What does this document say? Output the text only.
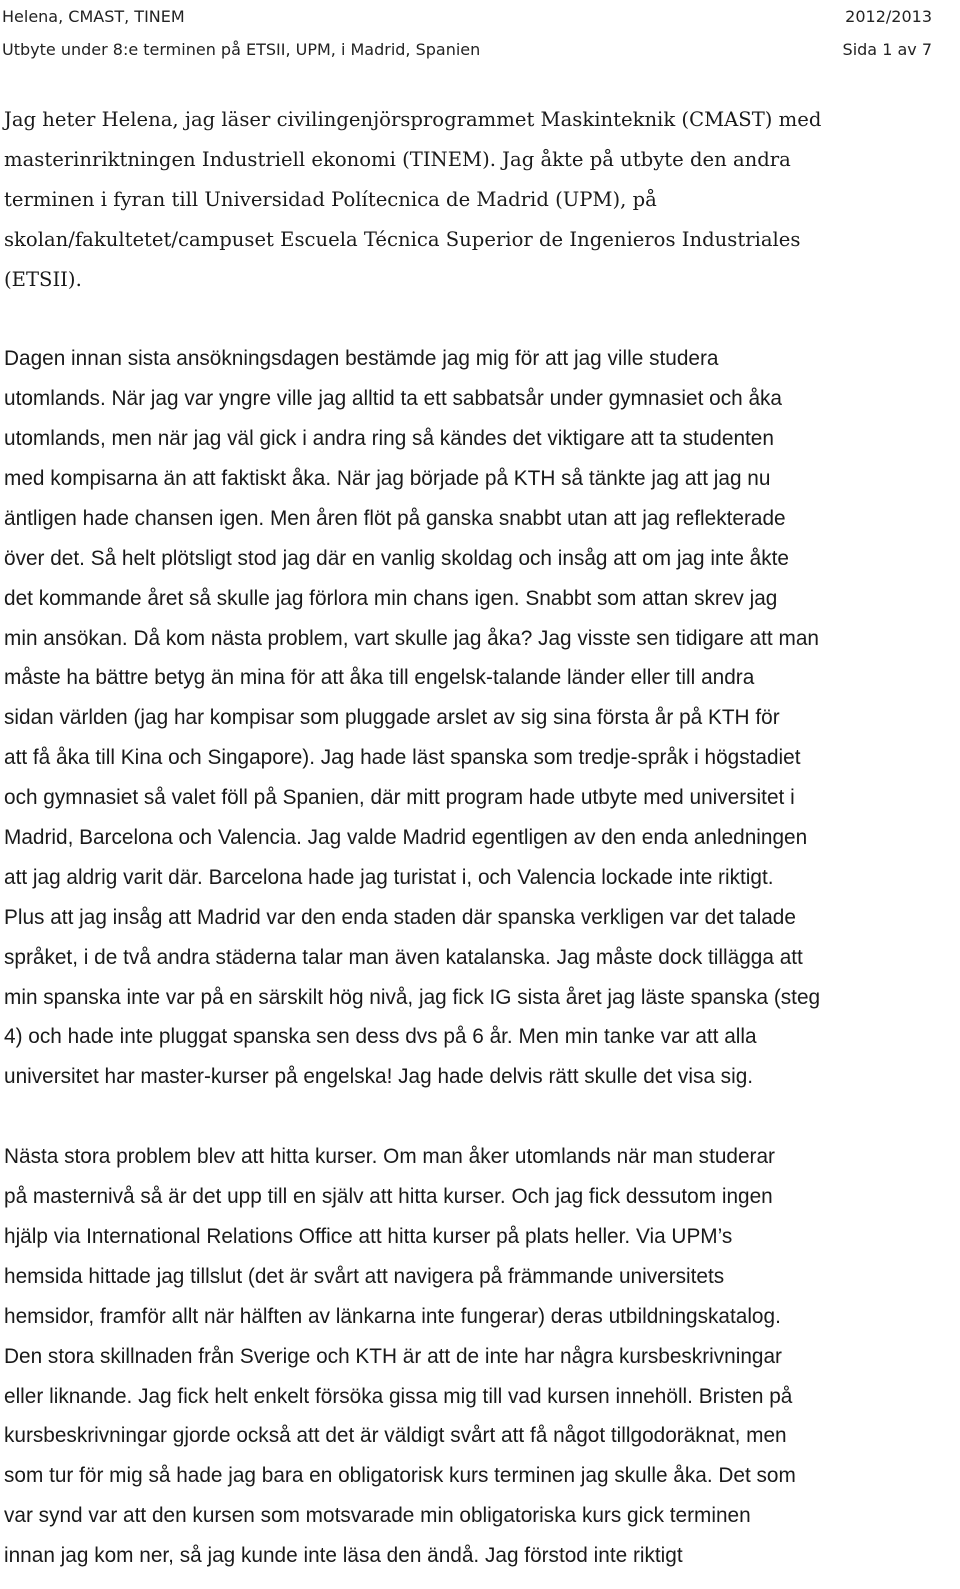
Helena, CMAST, TINEM	2012/2013
Utbyte under 8:e terminen på ETSII, UPM, i Madrid, Spanien	Sida 1 av 7

Jag heter Helena, jag läser civilingenjörsprogrammet Maskinteknik (CMAST) med
masterinriktningen Industriell ekonomi (TINEM). Jag åkte på utbyte den andra
terminen i fyran till Universidad Polítecnica de Madrid (UPM), på
skolan/fakultetet/campuset Escuela Técnica Superior de Ingenieros Industriales
(ETSII).

Dagen innan sista ansökningsdagen bestämde jag mig för att jag ville studera
utomlands. När jag var yngre ville jag alltid ta ett sabbatsår under gymnasiet och åka
utomlands, men när jag väl gick i andra ring så kändes det viktigare att ta studenten
med kompisarna än att faktiskt åka. När jag började på KTH så tänkte jag att jag nu
äntligen hade chansen igen. Men åren flöt på ganska snabbt utan att jag reflekterade
över det. Så helt plötsligt stod jag där en vanlig skoldag och insåg att om jag inte åkte
det kommande året så skulle jag förlora min chans igen. Snabbt som attan skrev jag
min ansökan. Då kom nästa problem, vart skulle jag åka? Jag visste sen tidigare att man
måste ha bättre betyg än mina för att åka till engelsk-talande länder eller till andra
sidan världen (jag har kompisar som pluggade arslet av sig sina första år på KTH för
att få åka till Kina och Singapore). Jag hade läst spanska som tredje-språk i högstadiet
och gymnasiet så valet föll på Spanien, där mitt program hade utbyte med universitet i
Madrid, Barcelona och Valencia. Jag valde Madrid egentligen av den enda anledningen
att jag aldrig varit där. Barcelona hade jag turistat i, och Valencia lockade inte riktigt.
Plus att jag insåg att Madrid var den enda staden där spanska verkligen var det talade
språket, i de två andra städerna talar man även katalanska. Jag måste dock tillägga att
min spanska inte var på en särskilt hög nivå, jag fick IG sista året jag läste spanska (steg
4) och hade inte pluggat spanska sen dess dvs på 6 år. Men min tanke var att alla
universitet har master-kurser på engelska! Jag hade delvis rätt skulle det visa sig.

Nästa stora problem blev att hitta kurser. Om man åker utomlands när man studerar
på masternivå så är det upp till en själv att hitta kurser. Och jag fick dessutom ingen
hjälp via International Relations Office att hitta kurser på plats heller. Via UPM’s
hemsida hittade jag tillslut (det är svårt att navigera på främmande universitets
hemsidor, framför allt när hälften av länkarna inte fungerar) deras utbildningskatalog.
Den stora skillnaden från Sverige och KTH är att de inte har några kursbeskrivningar
eller liknande. Jag fick helt enkelt försöka gissa mig till vad kursen innehöll. Bristen på
kursbeskrivningar gjorde också att det är väldigt svårt att få något tillgodoräknat, men
som tur för mig så hade jag bara en obligatorisk kurs terminen jag skulle åka. Det som
var synd var att den kursen som motsvarade min obligatoriska kurs gick terminen
innan jag kom ner, så jag kunde inte läsa den ändå. Jag förstod inte riktigt
